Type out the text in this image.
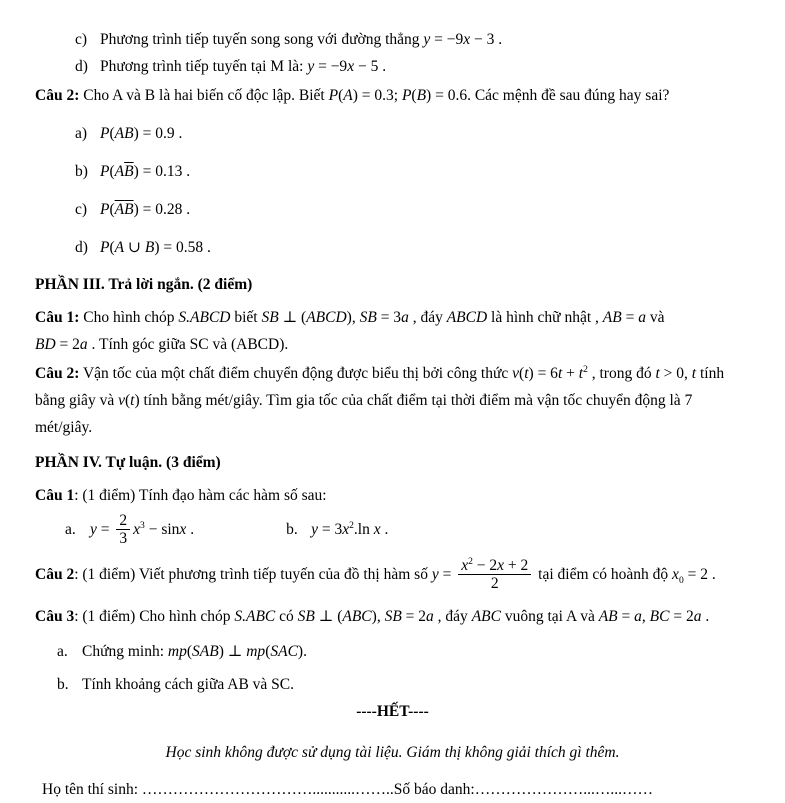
c) Phương trình tiếp tuyến song song với đường thẳng y = −9x − 3 .
d) Phương trình tiếp tuyến tại M là: y = −9x − 5 .
Câu 2: Cho A và B là hai biến cố độc lập. Biết P(A) = 0.3; P(B) = 0.6. Các mệnh đề sau đúng hay sai?
a) P(AB) = 0.9 .
b) $P(A\overline{B}) = 0.13$ .
c) $P(\overline{A}\overline{B}) = 0.28$ .
d) P(A ∪ B) = 0.58 .
PHẦN III. Trả lời ngắn. (2 điểm)
Câu 1: Cho hình chóp S.ABCD biết SB ⊥ (ABCD), SB = 3a , đáy ABCD là hình chữ nhật , AB = a và
BD = 2a . Tính góc giữa SC và (ABCD).
Câu 2: Vận tốc của một chất điểm chuyển động được biểu thị bởi công thức $v(t) = 6t + t^2$ , trong đó t > 0, t tính
bằng giây và v(t) tính bằng mét/giây. Tìm gia tốc của chất điểm tại thời điểm mà vận tốc chuyển động là 7
mét/giây.
PHẦN IV. Tự luận. (3 điểm)
Câu 1: (1 điểm) Tính đạo hàm các hàm số sau:
a. $y = \frac{2}{3} x^3 - \sin x$ .	b. $y = 3x^2.\ln$ x .
Câu 2: (1 điểm) Viết phương trình tiếp tuyến của đồ thị hàm số $y = \frac{x^2 - 2x + 2}{2}$ tại điểm có hoành độ $x_0 = 2$ .
Câu 3: (1 điểm) Cho hình chóp S.ABC có SB ⊥ (ABC), SB = 2a , đáy ABC vuông tại A và AB = a, BC = 2a .
a. Chứng minh: mp(SAB) ⊥ mp(SAC).
b. Tính khoảng cách giữa AB và SC.
----HẾT----
Học sinh không được sử dụng tài liệu. Giám thị không giải thích gì thêm.
Họ tên thí sinh: ……………………………...........……..Số báo danh:…………………...…...……
